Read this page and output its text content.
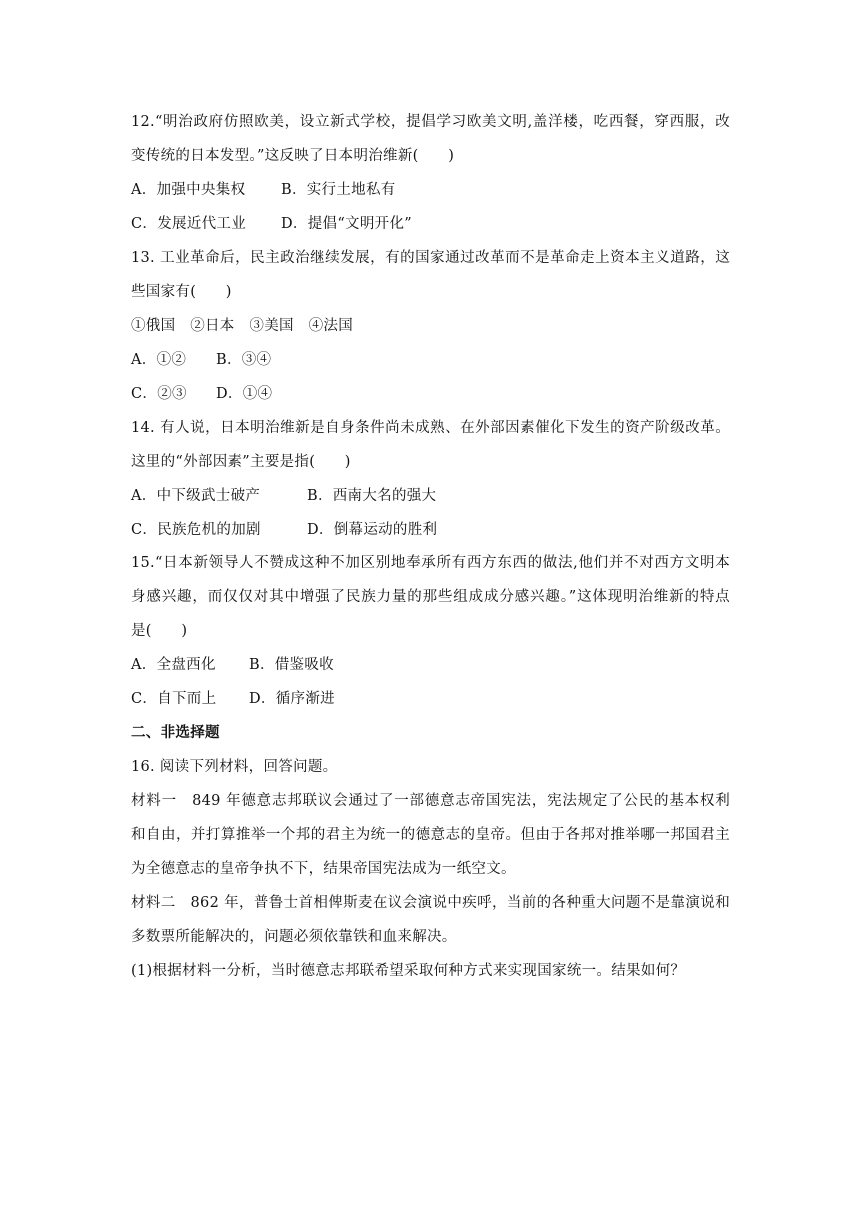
12.“明治政府仿照欧美，设立新式学校，提倡学习欧美文明,盖洋楼，吃西餐，穿西服，改
变传统的日本发型。”这反映了日本明治维新(　　)
A．加强中央集权 B．实行土地私有
C．发展近代工业 D．提倡“文明开化”
13. 工业革命后，民主政治继续发展，有的国家通过改革而不是革命走上资本主义道路，这
些国家有(　　)
①俄国　②日本　③美国　④法国
A．①② B．③④
C．②③ D．①④
14. 有人说，日本明治维新是自身条件尚未成熟、在外部因素催化下发生的资产阶级改革。
这里的“外部因素”主要是指(　　)
A．中下级武士破产	B．西南大名的强大
C．民族危机的加剧	D．倒幕运动的胜利
15.“日本新领导人不赞成这种不加区别地奉承所有西方东西的做法,他们并不对西方文明本
身感兴趣，而仅仅对其中增强了民族力量的那些组成成分感兴趣。”这体现明治维新的特点
是(　　)
A．全盘西化 B．借鉴吸收
C．自下而上 D．循序渐进
二、非选择题
16. 阅读下列材料，回答问题。
材料一　849 年德意志邦联议会通过了一部德意志帝国宪法，宪法规定了公民的基本权利
和自由，并打算推举一个邦的君主为统一的德意志的皇帝。但由于各邦对推举哪一邦国君主
为全德意志的皇帝争执不下，结果帝国宪法成为一纸空文。
材料二　862 年，普鲁士首相俾斯麦在议会演说中疾呼，当前的各种重大问题不是靠演说和
多数票所能解决的，问题必须依靠铁和血来解决。
(1)根据材料一分析，当时德意志邦联希望采取何种方式来实现国家统一。结果如何？
